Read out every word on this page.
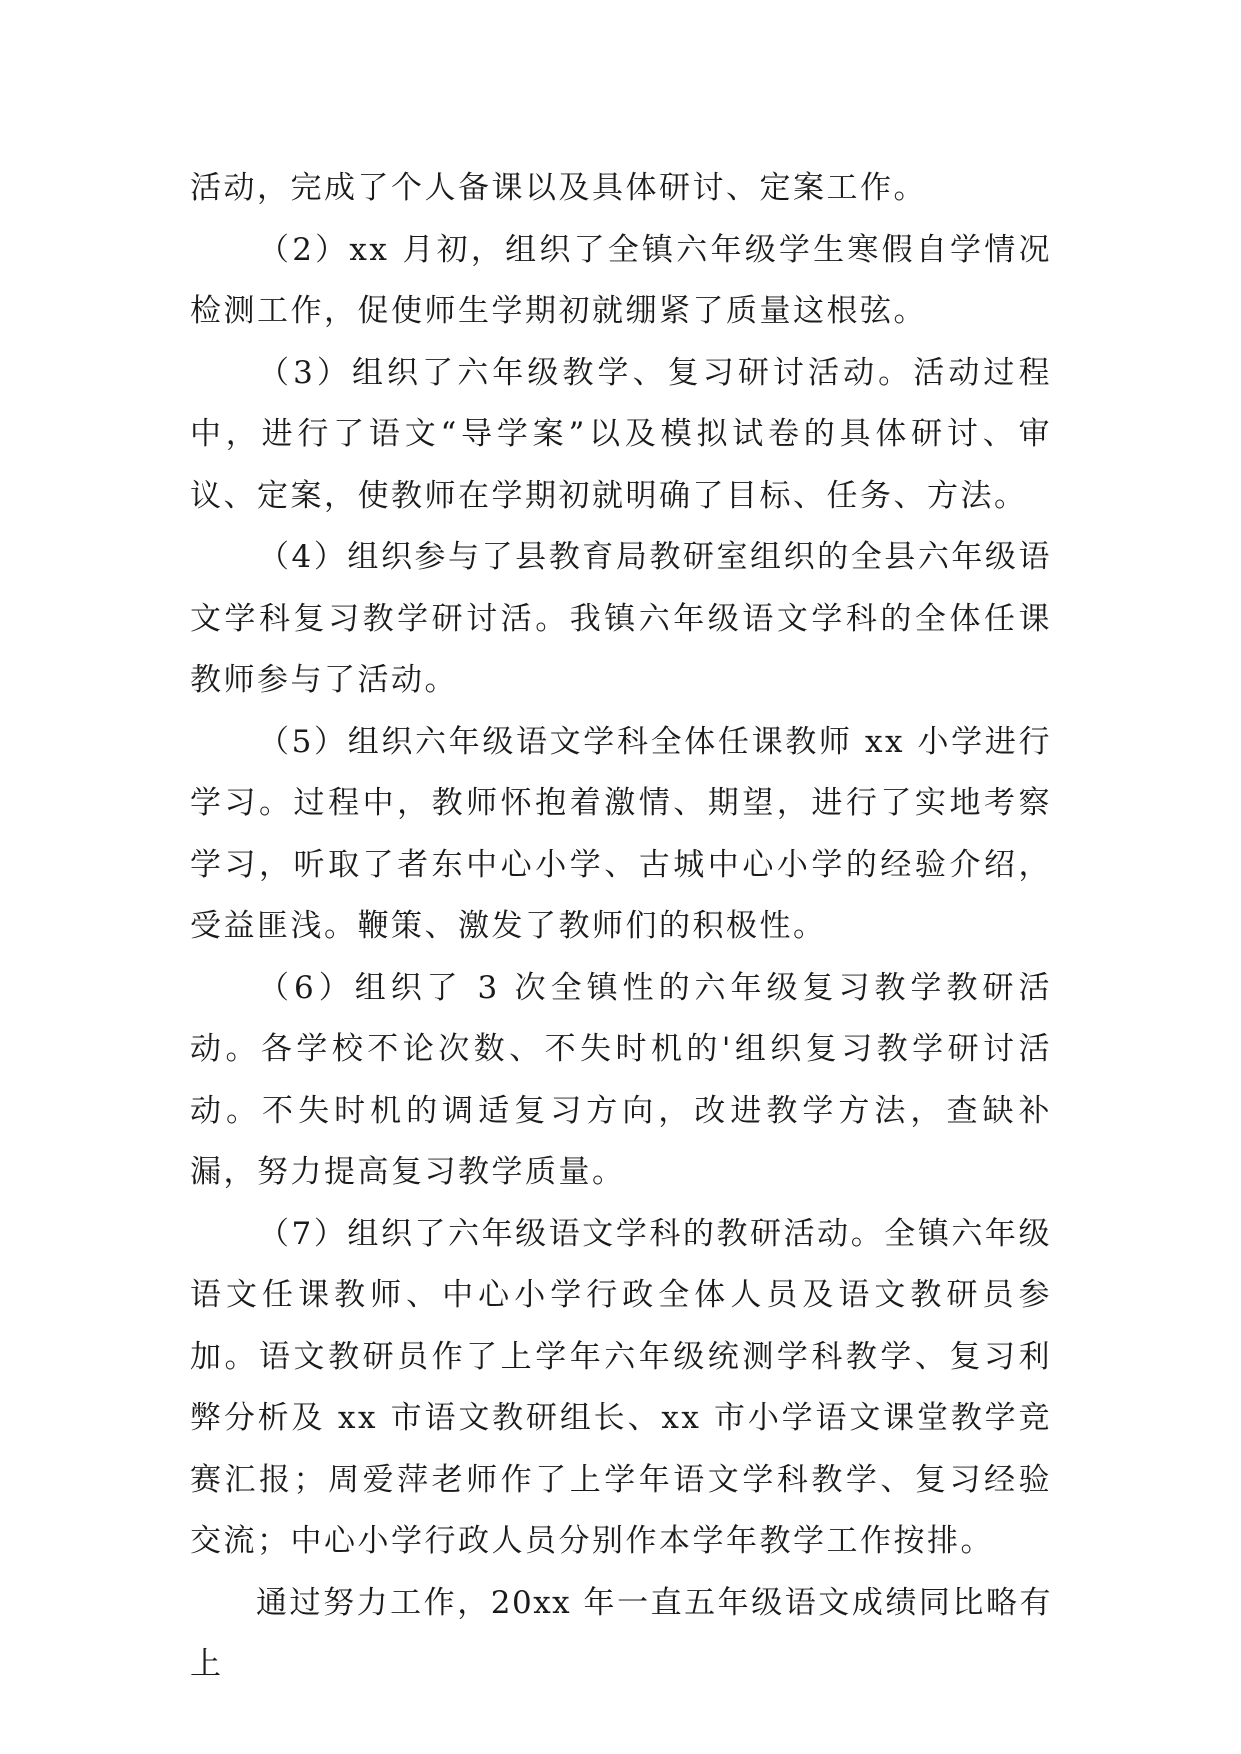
活动，完成了个人备课以及具体研讨、定案工作。

（2）xx 月初，组织了全镇六年级学生寒假自学情况检测工作，促使师生学期初就绷紧了质量这根弦。

（3）组织了六年级教学、复习研讨活动。活动过程中，进行了语文“导学案”以及模拟试卷的具体研讨、审议、定案，使教师在学期初就明确了目标、任务、方法。

（4）组织参与了县教育局教研室组织的全县六年级语文学科复习教学研讨活。我镇六年级语文学科的全体任课教师参与了活动。

（5）组织六年级语文学科全体任课教师 xx 小学进行学习。过程中，教师怀抱着激情、期望，进行了实地考察学习，听取了者东中心小学、古城中心小学的经验介绍，受益匪浅。鞭策、激发了教师们的积极性。

（6）组织了 3 次全镇性的六年级复习教学教研活动。各学校不论次数、不失时机的'组织复习教学研讨活动。不失时机的调适复习方向，改进教学方法，查缺补漏，努力提高复习教学质量。

（7）组织了六年级语文学科的教研活动。全镇六年级语文任课教师、中心小学行政全体人员及语文教研员参加。语文教研员作了上学年六年级统测学科教学、复习利弊分析及 xx 市语文教研组长、xx 市小学语文课堂教学竞赛汇报；周爱萍老师作了上学年语文学科教学、复习经验交流；中心小学行政人员分别作本学年教学工作按排。

通过努力工作，20xx 年一直五年级语文成绩同比略有上
